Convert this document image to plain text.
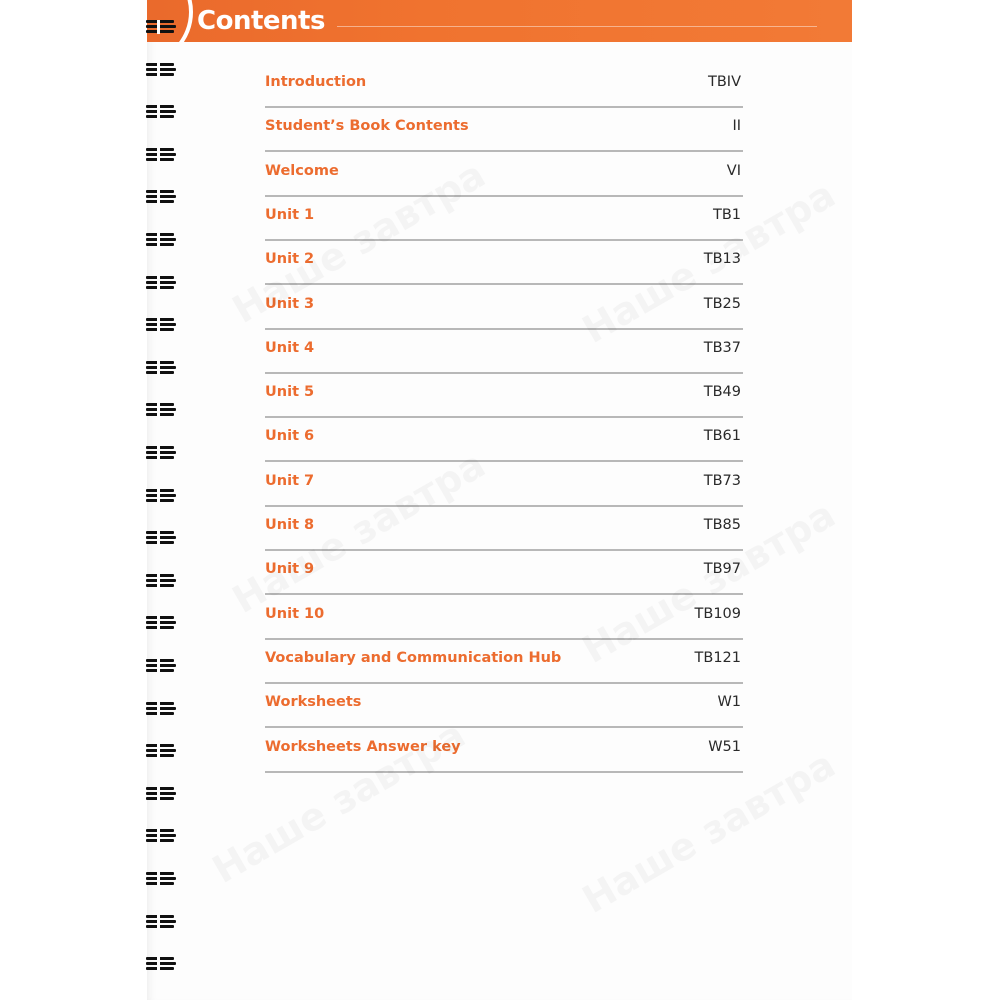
Contents
Introduction	TBIV
Student’s Book Contents	II
Welcome	VI
Unit 1	TB1
Unit 2	TB13
Unit 3	TB25
Unit 4	TB37
Unit 5	TB49
Unit 6	TB61
Unit 7	TB73
Unit 8	TB85
Unit 9	TB97
Unit 10	TB109
Vocabulary and Communication Hub	TB121
Worksheets	W1
Worksheets Answer key	W51
